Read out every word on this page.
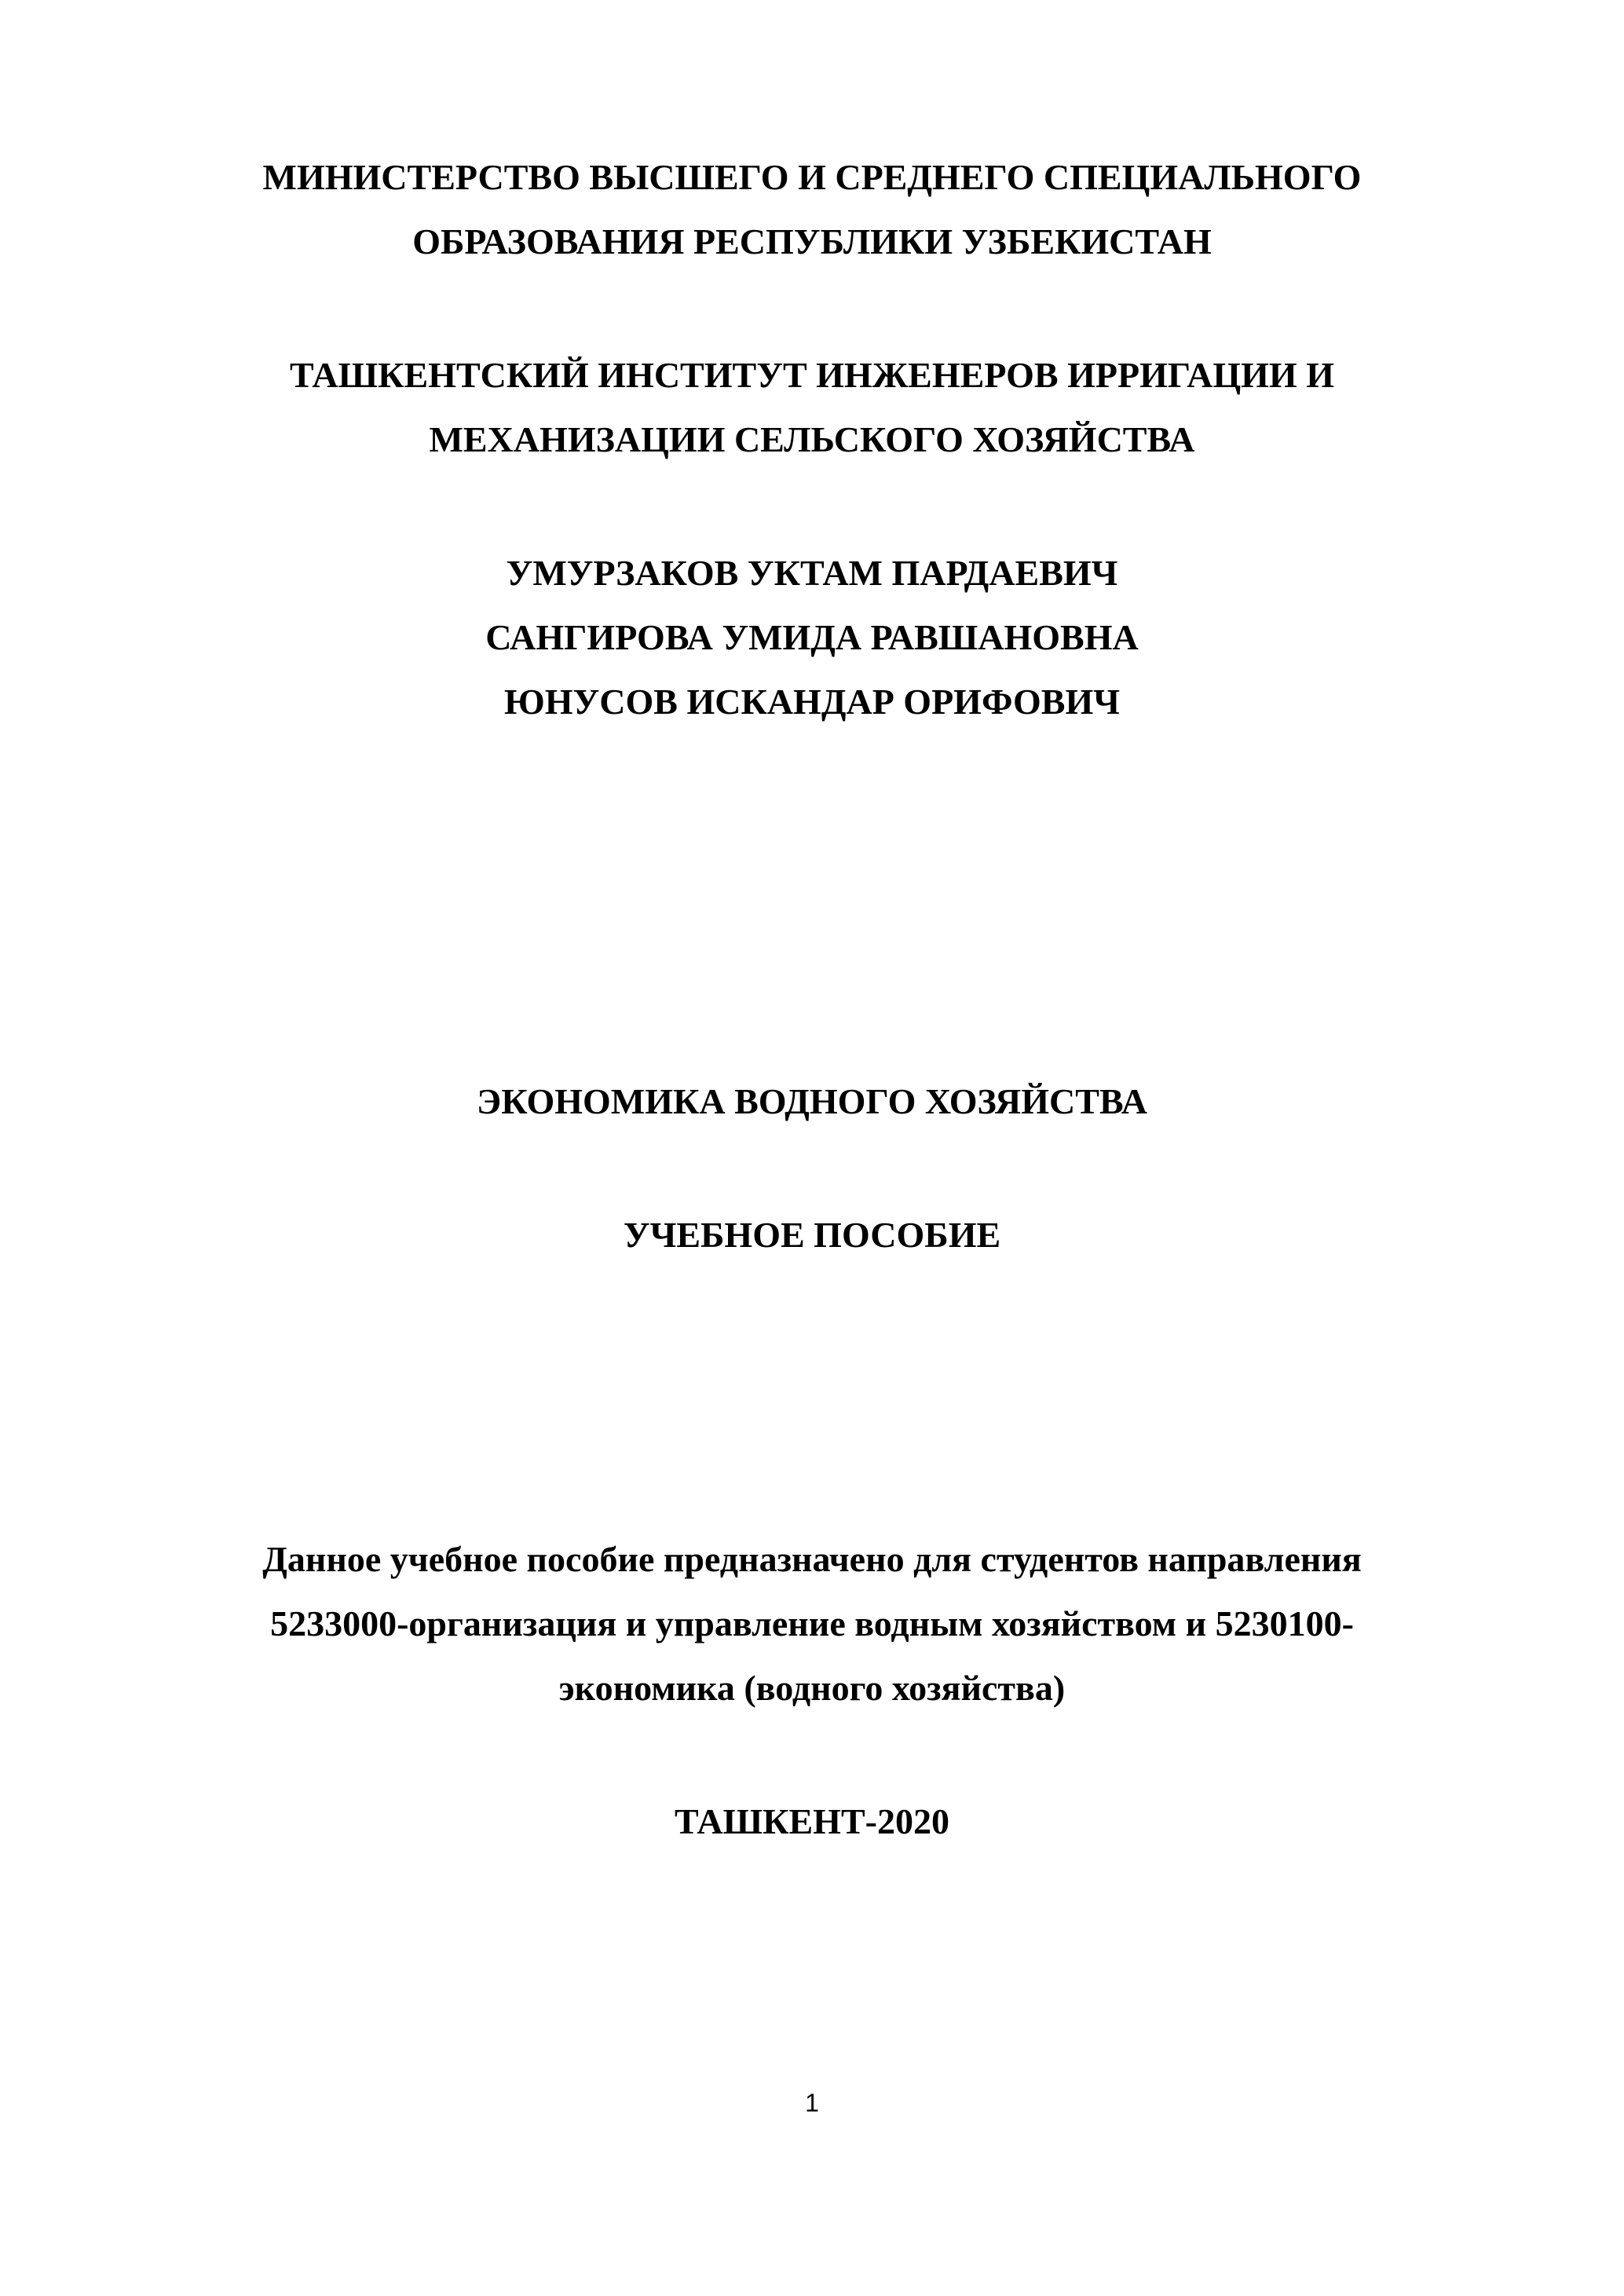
МИНИСТЕРСТВО ВЫСШЕГО И СРЕДНЕГО СПЕЦИАЛЬНОГО
ОБРАЗОВАНИЯ РЕСПУБЛИКИ УЗБЕКИСТАН
ТАШКЕНТСКИЙ ИНСТИТУТ ИНЖЕНЕРОВ ИРРИГАЦИИ И
МЕХАНИЗАЦИИ СЕЛЬСКОГО ХОЗЯЙСТВА
УМУРЗАКОВ УКТАМ ПАРДАЕВИЧ
САНГИРОВА УМИДА РАВШАНОВНА
ЮНУСОВ ИСКАНДАР ОРИФОВИЧ
ЭКОНОМИКА ВОДНОГО ХОЗЯЙСТВА
УЧЕБНОЕ ПОСОБИЕ
Данное учебное пособие предназначено для студентов направления
5233000-организация и управление водным хозяйством и 5230100-
экономика (водного хозяйства)
ТАШКЕНТ-2020
1
